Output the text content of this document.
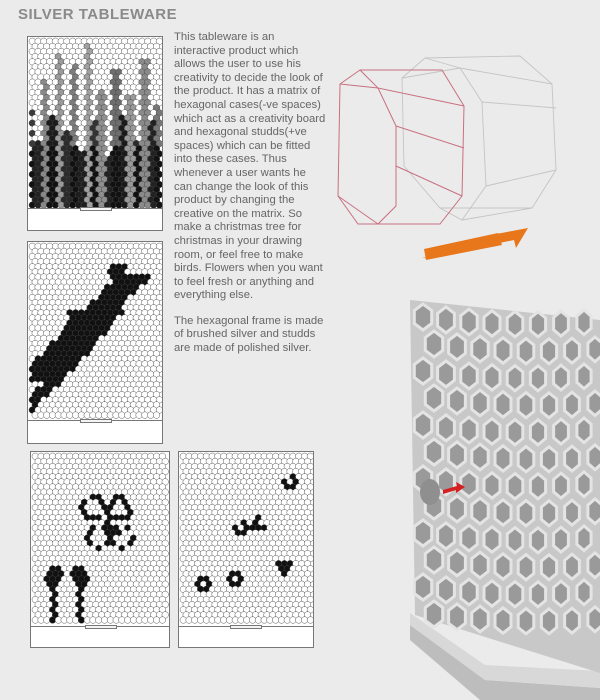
SILVER TABLEWARE

This tableware is an interactive product which allows the user to use his creativity to decide the look of the product. It has a matrix of hexagonal cases(-ve spaces) which act as a creativity board and hexagonal studds(+ve spaces) which can be fitted into these cases. Thus whenever a user wants he can change the look of this product by changing the creative on the matrix. So make a christmas tree for christmas in your drawing room, or feel free to make birds. Flowers when you want to feel fresh or anything and everything else.

The hexagonal frame is made of brushed silver and studds are made of polished silver.
